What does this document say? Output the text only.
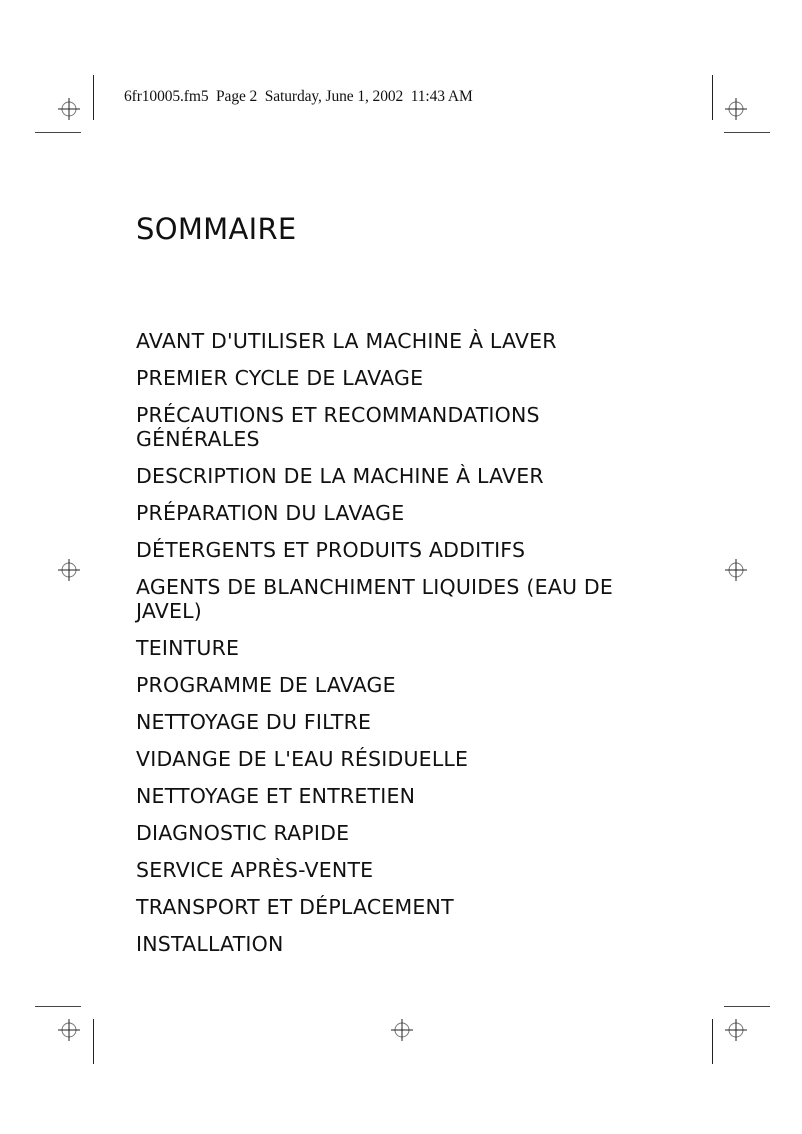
6fr10005.fm5  Page 2  Saturday, June 1, 2002  11:43 AM
SOMMAIRE
AVANT D'UTILISER LA MACHINE À LAVER
PREMIER CYCLE DE LAVAGE
PRÉCAUTIONS ET RECOMMANDATIONS GÉNÉRALES
DESCRIPTION DE LA MACHINE À LAVER
PRÉPARATION DU LAVAGE
DÉTERGENTS ET PRODUITS ADDITIFS
AGENTS DE BLANCHIMENT LIQUIDES (EAU DE JAVEL)
TEINTURE
PROGRAMME DE LAVAGE
NETTOYAGE DU FILTRE
VIDANGE DE L'EAU RÉSIDUELLE
NETTOYAGE ET ENTRETIEN
DIAGNOSTIC RAPIDE
SERVICE APRÈS-VENTE
TRANSPORT ET DÉPLACEMENT
INSTALLATION
